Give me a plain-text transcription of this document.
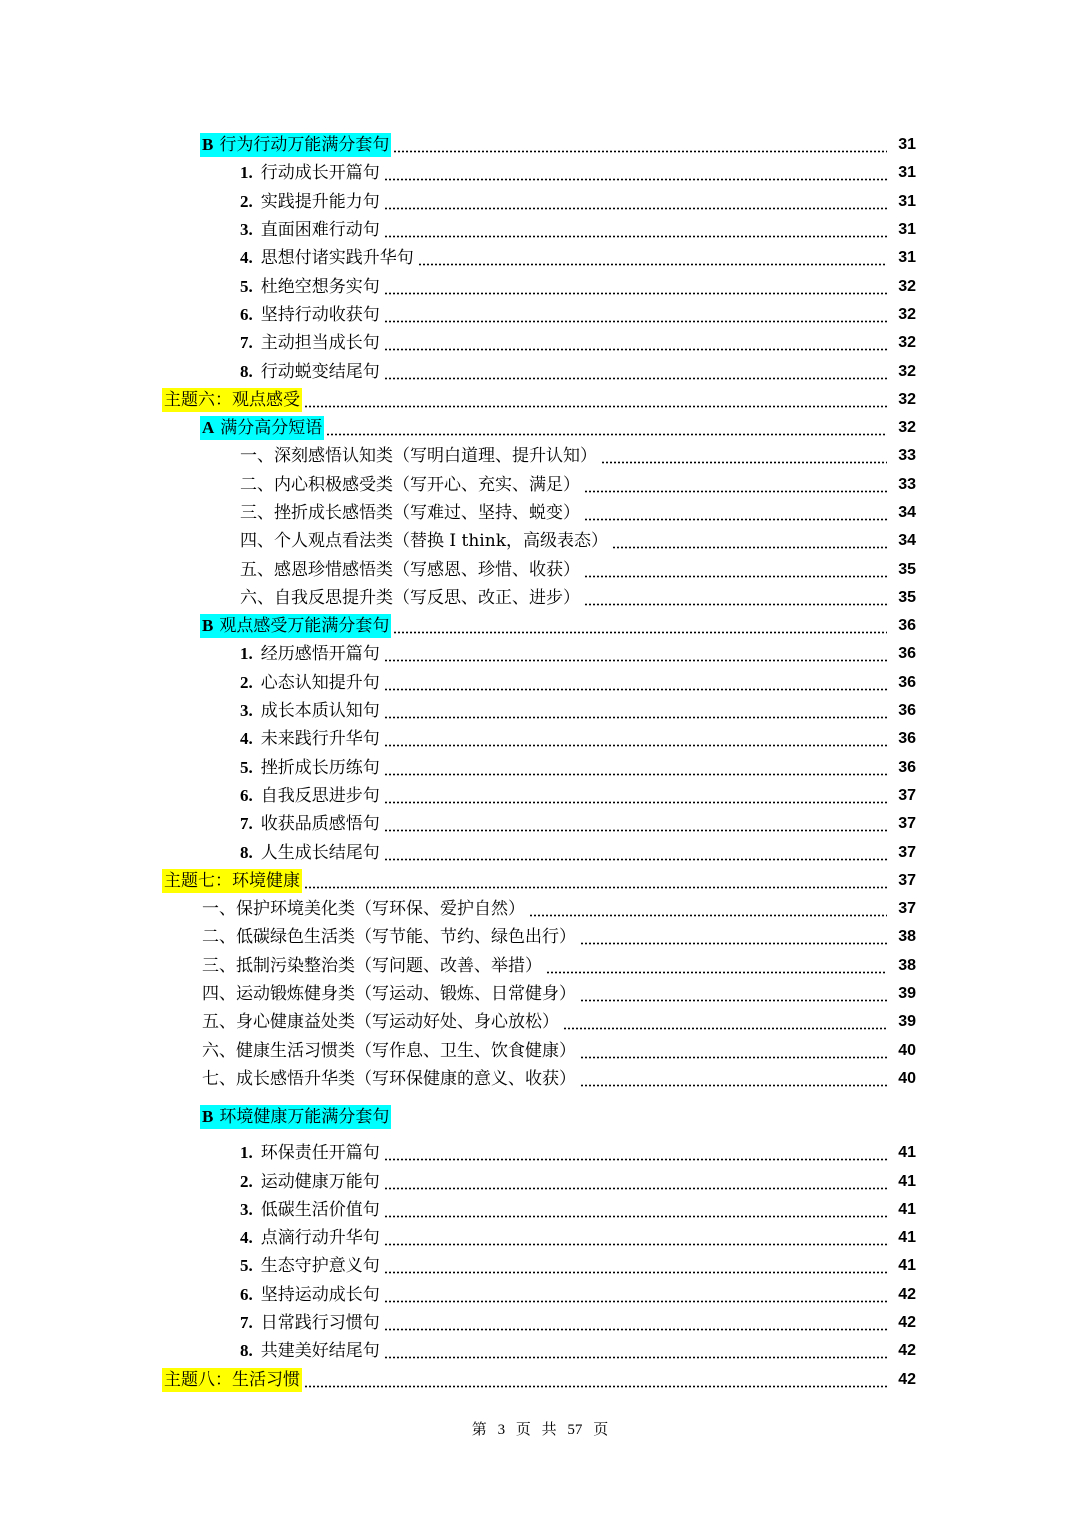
B 行为行动万能满分套句	31
1. 行动成长开篇句	31
2. 实践提升能力句	31
3. 直面困难行动句	31
4. 思想付诸实践升华句	31
5. 杜绝空想务实句	32
6. 坚持行动收获句	32
7. 主动担当成长句	32
8. 行动蜕变结尾句	32
主题六：观点感受	32
A 满分高分短语	32
一、深刻感悟认知类（写明白道理、提升认知）	33
二、内心积极感受类（写开心、充实、满足）	33
三、挫折成长感悟类（写难过、坚持、蜕变）	34
四、个人观点看法类（替换 I think，高级表态）	34
五、感恩珍惜感悟类（写感恩、珍惜、收获）	35
六、自我反思提升类（写反思、改正、进步）	35
B 观点感受万能满分套句	36
1. 经历感悟开篇句	36
2. 心态认知提升句	36
3. 成长本质认知句	36
4. 未来践行升华句	36
5. 挫折成长历练句	36
6. 自我反思进步句	37
7. 收获品质感悟句	37
8. 人生成长结尾句	37
主题七：环境健康	37
一、保护环境美化类（写环保、爱护自然）	37
二、低碳绿色生活类（写节能、节约、绿色出行）	38
三、抵制污染整治类（写问题、改善、举措）	38
四、运动锻炼健身类（写运动、锻炼、日常健身）	39
五、身心健康益处类（写运动好处、身心放松）	39
六、健康生活习惯类（写作息、卫生、饮食健康）	40
七、成长感悟升华类（写环保健康的意义、收获）	40
B 环境健康万能满分套句
1. 环保责任开篇句	41
2. 运动健康万能句	41
3. 低碳生活价值句	41
4. 点滴行动升华句	41
5. 生态守护意义句	41
6. 坚持运动成长句	42
7. 日常践行习惯句	42
8. 共建美好结尾句	42
主题八：生活习惯	42
第 3 页 共 57 页
